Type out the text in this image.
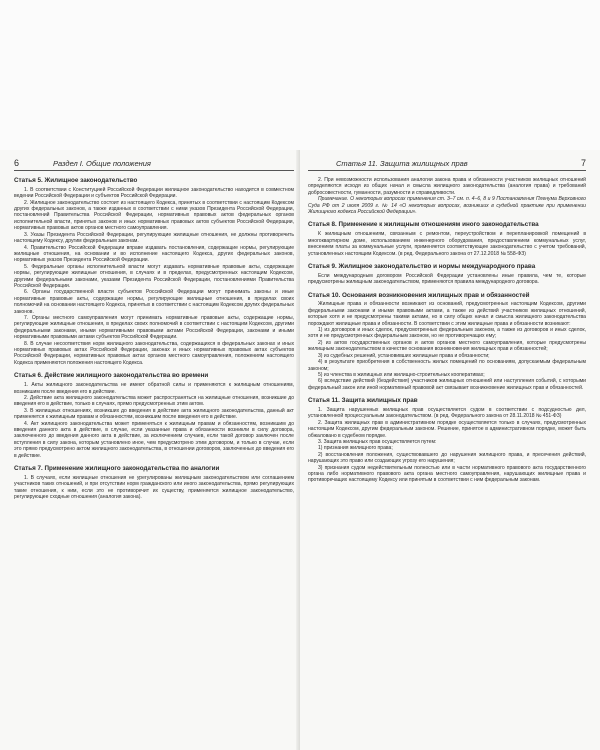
6	Раздел I. Общие положения
Статья 5. Жилищное законодательство

1. В соответствии с Конституцией Российской Федерации жилищное законодательство находится в совместном ведении Российской Федерации и субъектов Российской Федерации.

2. Жилищное законодательство состоит из настоящего Кодекса, принятых в соответствии с настоящим Кодексом других федеральных законов, а также изданных в соответствии с ними указов Президента Российской Федерации, постановлений Правительства Российской Федерации, нормативных правовых актов федеральных органов исполнительной власти, принятых законов и иных нормативных правовых актов субъектов Российской Федерации, нормативных правовых актов органов местного самоуправления.

3. Указы Президента Российской Федерации, регулирующие жилищные отношения, не должны противоречить настоящему Кодексу, другим федеральным законам.

4. Правительство Российской Федерации вправе издавать постановления, содержащие нормы, регулирующие жилищные отношения, на основании и во исполнение настоящего Кодекса, других федеральных законов, нормативных указов Президента Российской Федерации.

5. Федеральные органы исполнительной власти могут издавать нормативные правовые акты, содержащие нормы, регулирующие жилищные отношения, в случаях и в пределах, предусмотренных настоящим Кодексом, другими федеральными законами, указами Президента Российской Федерации, постановлениями Правительства Российской Федерации.

6. Органы государственной власти субъектов Российской Федерации могут принимать законы и иные нормативные правовые акты, содержащие нормы, регулирующие жилищные отношения, в пределах своих полномочий на основании настоящего Кодекса, принятых в соответствии с настоящим Кодексом других федеральных законов.

7. Органы местного самоуправления могут принимать нормативные правовые акты, содержащие нормы, регулирующие жилищные отношения, в пределах своих полномочий в соответствии с настоящим Кодексом, другими федеральными законами, иными нормативными правовыми актами Российской Федерации, законами и иными нормативными правовыми актами субъектов Российской Федерации.

8. В случае несоответствия норм жилищного законодательства, содержащихся в федеральных законах и иных нормативных правовых актах Российской Федерации, законах и иных нормативных правовых актах субъектов Российской Федерации, нормативных правовых актах органов местного самоуправления, положениям настоящего Кодекса применяются положения настоящего Кодекса.

Статья 6. Действие жилищного законодательства во времени

1. Акты жилищного законодательства не имеют обратной силы и применяются к жилищным отношениям, возникшим после введения его в действие.

2. Действие акта жилищного законодательства может распространяться на жилищные отношения, возникшие до введения его в действие, только в случаях, прямо предусмотренных этим актом.

3. В жилищных отношениях, возникших до введения в действие акта жилищного законодательства, данный акт применяется к жилищным правам и обязанностям, возникшим после введения его в действие.

4. Акт жилищного законодательства может применяться к жилищным правам и обязанностям, возникшим до введения данного акта в действие, в случае, если указанные права и обязанности возникли в силу договора, заключенного до введения данного акта в действие, за исключением случаев, если такой договор заключен после вступления в силу закона, которым установлено иное, чем предусмотрено этим договором, и только в случае, если это прямо предусмотрено актом жилищного законодательства, в отношении договоров, заключенных до введения его в действие.

Статья 7. Применение жилищного законодательства по аналогии

1. В случаях, если жилищные отношения не урегулированы жилищным законодательством или соглашением участников таких отношений, и при отсутствии норм гражданского или иного законодательства, прямо регулирующих такие отношения, к ним, если это не противоречит их существу, применяется жилищное законодательство, регулирующее сходные отношения (аналогия закона).

Статья 11. Защита жилищных прав	7

2. При невозможности использования аналогии закона права и обязанности участников жилищных отношений определяются исходя из общих начал и смысла жилищного законодательства (аналогия права) и требований добросовестности, гуманности, разумности и справедливости.

Примечание. О некоторых вопросах применения ст. 3–7 см. п. 4–6, 8 и 9 Постановления Пленума Верховного Суда РФ от 2 июля 2009 г. № 14 «О некоторых вопросах, возникших в судебной практике при применении Жилищного кодекса Российской Федерации».

Статья 8. Применение к жилищным отношениям иного законодательства

К жилищным отношениям, связанным с ремонтом, переустройством и перепланировкой помещений в многоквартирном доме, использованием инженерного оборудования, предоставлением коммунальных услуг, внесением платы за коммунальные услуги, применяется соответствующее законодательство с учетом требований, установленных настоящим Кодексом. (в ред. Федерального закона от 27.12.2018 № 558-ФЗ)

Статья 9. Жилищное законодательство и нормы международного права

Если международным договором Российской Федерации установлены иные правила, чем те, которые предусмотрены жилищным законодательством, применяются правила международного договора.

Статья 10. Основания возникновения жилищных прав и обязанностей

Жилищные права и обязанности возникают из оснований, предусмотренных настоящим Кодексом, другими федеральными законами и иными правовыми актами, а также из действий участников жилищных отношений, которые хотя и не предусмотрены такими актами, но в силу общих начал и смысла жилищного законодательства порождают жилищные права и обязанности. В соответствии с этим жилищные права и обязанности возникают:

1) из договоров и иных сделок, предусмотренных федеральным законом, а также из договоров и иных сделок, хотя и не предусмотренных федеральным законом, но не противоречащих ему;

2) из актов государственных органов и актов органов местного самоуправления, которые предусмотрены жилищным законодательством в качестве основания возникновения жилищных прав и обязанностей;

3) из судебных решений, установивших жилищные права и обязанности;

4) в результате приобретения в собственность жилых помещений по основаниям, допускаемым федеральным законом;

5) из членства в жилищных или жилищно-строительных кооперативах;

6) вследствие действий (бездействия) участников жилищных отношений или наступления событий, с которыми федеральный закон или иной нормативный правовой акт связывает возникновение жилищных прав и обязанностей.

Статья 11. Защита жилищных прав

1. Защита нарушенных жилищных прав осуществляется судом в соответствии с подсудностью дел, установленной процессуальным законодательством. (в ред. Федерального закона от 28.11.2018 № 451-ФЗ)

2. Защита жилищных прав в административном порядке осуществляется только в случаях, предусмотренных настоящим Кодексом, другим федеральным законом. Решение, принятое в административном порядке, может быть обжаловано в судебном порядке.

3. Защита жилищных прав осуществляется путем:

1) признания жилищного права;

2) восстановления положения, существовавшего до нарушения жилищного права, и пресечения действий, нарушающих это право или создающих угрозу его нарушения;

3) признания судом недействительным полностью или в части нормативного правового акта государственного органа либо нормативного правового акта органа местного самоуправления, нарушающих жилищные права и противоречащих настоящему Кодексу или принятым в соответствии с ним федеральным законам.
